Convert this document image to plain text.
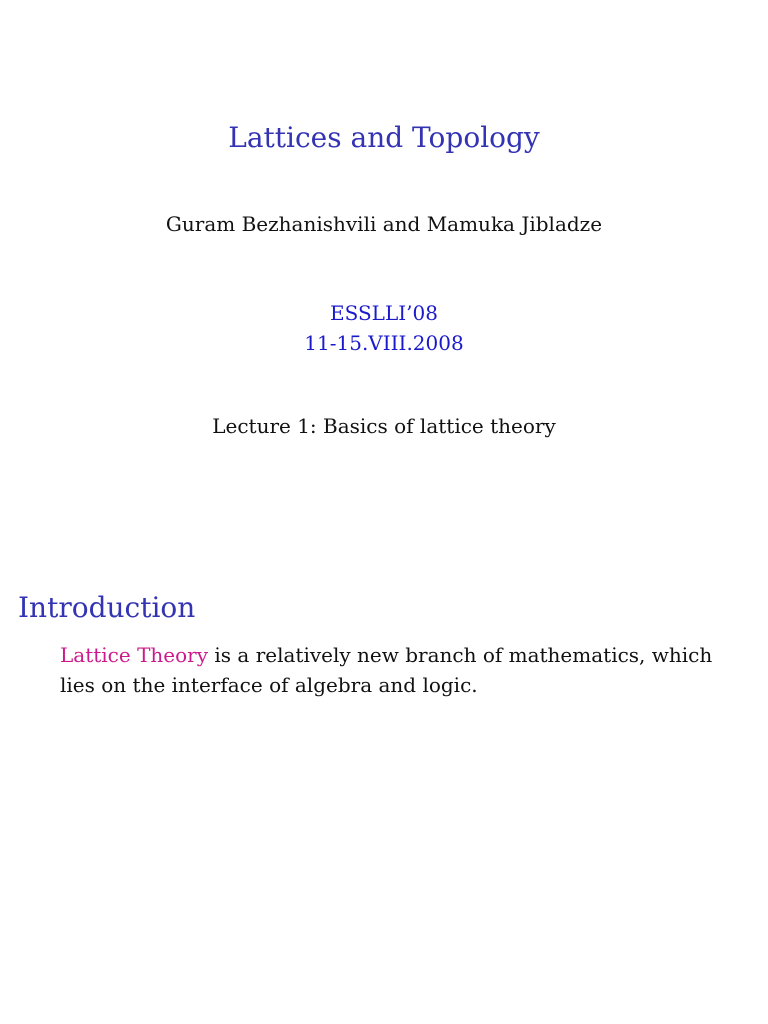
Lattices and Topology
Guram Bezhanishvili and Mamuka Jibladze
ESSLLI’08
11-15.VIII.2008
Lecture 1: Basics of lattice theory
Introduction
Lattice Theory is a relatively new branch of mathematics, which
lies on the interface of algebra and logic.
